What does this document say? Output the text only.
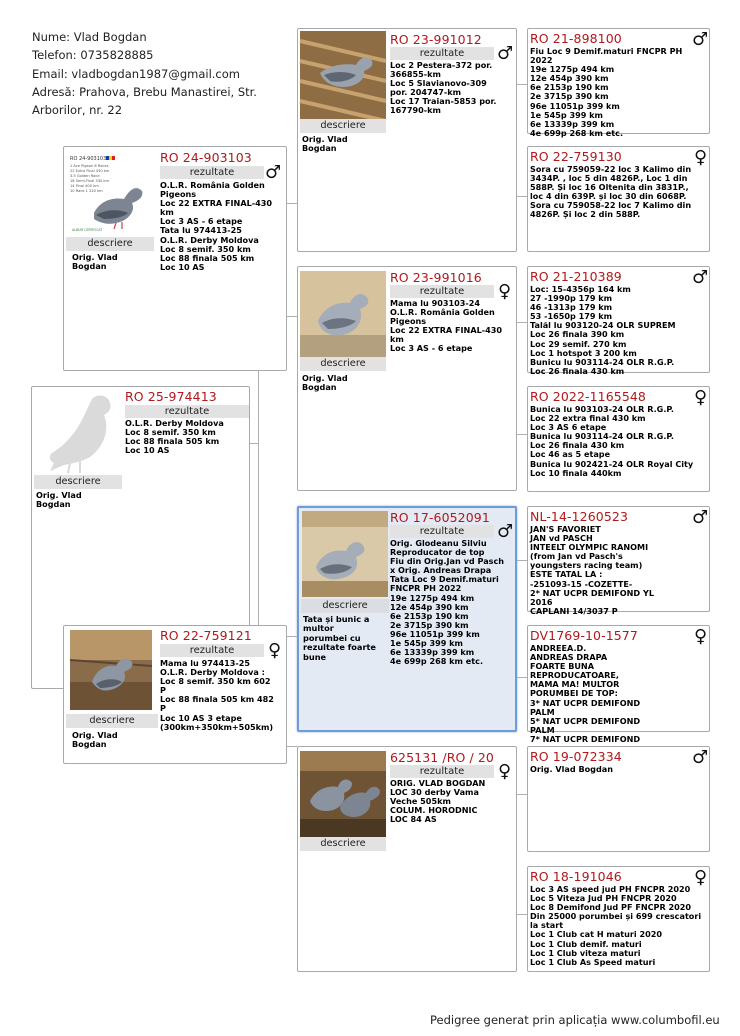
Nume: Vlad Bogdan
Telefon: 0735828885
Email: vladbogdan1987@gmail.com
Adresă: Prahova, Brebu Manastirei, Str.
Arborilor, nr. 22
RO 25-974413
rezultate
O.L.R. Derby Moldova
Loc 8 semif. 350 km
Loc 88 finala 505 km
Loc 10 AS
descriere
Orig. Vlad
Bogdan
RO 24-903103
1 Ace Pigeon 6 Races
22 Extra Final 430 km
3.5 Golden Race
18 Semi-Final 330 km
14 Final 400 km
10 Race 1 220 km
ALBUM CERTIFICAT
descriere
Orig. Vlad
Bogdan
RO 24-903103
♂
rezultate
O.L.R. România Golden
Pigeons
Loc 22 EXTRA FINAL-430
km
Loc 3 AS - 6 etape
Tata lu 974413-25
O.L.R. Derby Moldova
Loc 8 semif. 350 km
Loc 88 finala 505 km
Loc 10 AS
descriere
Orig. Vlad
Bogdan
RO 22-759121
♀
rezultate
Mama lu 974413-25
O.L.R. Derby Moldova :
Loc 8 semif. 350 km 602
P
Loc 88 finala 505 km 482
P
Loc 10 AS 3 etape
(300km+350km+505km)
descriere
Orig. Vlad
Bogdan
RO 23-991012
♂
rezultate
Loc 2 Pestera-372 por.
366855-km
Loc 5 Slavianovo-309
por. 204747-km
Loc 17 Traian-5853 por.
167790-km
descriere
Orig. Vlad
Bogdan
RO 23-991016
♀
rezultate
Mama lu 903103-24
O.L.R. România Golden
Pigeons
Loc 22 EXTRA FINAL-430
km
Loc 3 AS - 6 etape
descriere
Tata și bunic a
multor
porumbei cu
rezultate foarte
bune
RO 17-6052091
♂
rezultate
Orig. Glodeanu Silviu
Reproducator de top
Fiu din Orig.Jan vd Pasch
x Orig. Andreas Drapa
Tata Loc 9 Demif.maturi
FNCPR PH 2022
19e 1275p 494 km
12e 454p 390 km
6e 2153p 190 km
2e 3715p 390 km
96e 11051p 399 km
1e 545p 399 km
6e 13339p 399 km
4e 699p 268 km etc.
descriere
625131 /RO / 20
♀
rezultate
ORIG. VLAD BOGDAN
LOC 30 derby Vama
Veche 505km
COLUM. HORODNIC
LOC 84 AS
RO 21-898100	♂
Fiu Loc 9 Demif.maturi FNCPR PH
2022
19e 1275p 494 km
12e 454p 390 km
6e 2153p 190 km
2e 3715p 390 km
96e 11051p 399 km
1e 545p 399 km
6e 13339p 399 km
4e 699p 268 km etc.
RO 22-759130	♀
Sora cu 759059-22 loc 3 Kalimo din
3434P. , loc 5 din 4826P., Loc 1 din
588P. Și loc 16 Oltenita din 3831P.,
loc 4 din 639P. și loc 30 din 6068P.
Sora cu 759058-22 loc 7 Kalimo din
4826P. Și loc 2 din 588P.
RO 21-210389	♂
Loc: 15-4356p 164 km
27 -1990p 179 km
46 -1313p 179 km
53 -1650p 179 km
Talăl lu 903120-24 OLR SUPREM
Loc 26 finala 390 km
Loc 29 semif. 270 km
Loc 1 hotspot 3 200 km
Bunicu lu 903114-24 OLR R.G.P.
Loc 26 finala 430 km
RO 2022-1165548	♀
Bunica lu 903103-24 OLR R.G.P.
Loc 22 extra final 430 km
Loc 3 AS 6 etape
Bunica lu 903114-24 OLR R.G.P.
Loc 26 finala 430 km
Loc 46 as 5 etape
Bunica lu 902421-24 OLR Royal City
Loc 10 finala 440km
NL-14-1260523	♂
JAN'S FAVORIET
JAN vd PASCH
INTEELT OLYMPIC RANOMI
(from Jan vd Pasch's
youngsters racing team)
ESTE TATAL LA :
-251093-15 -COZETTE-
2* NAT UCPR DEMIFOND YL
2016
CAPLANI 14/3037 P
DV1769-10-1577	♀
ANDREEA.D.
ANDREAS DRAPA
FOARTE BUNA
REPRODUCATOARE,
MAMA MA! MULTOR
PORUMBEI DE TOP:
3* NAT UCPR DEMIFOND
PALM
5* NAT UCPR DEMIFOND
PALM
7* NAT UCPR DEMIFOND
RO 19-072334	♂
Orig. Vlad Bogdan
RO 18-191046	♀
Loc 3 AS speed jud PH FNCPR 2020
Loc 5 Viteza Jud PH FNCPR 2020
Loc 8 Demifond Jud PF FNCPR 2020
Din 25000 porumbei și 699 crescatori
la start
Loc 1 Club cat H maturi 2020
Loc 1 Club demif. maturi
Loc 1 Club viteza maturi
Loc 1 Club As Speed maturi
Pedigree generat prin aplicația www.columbofil.eu
